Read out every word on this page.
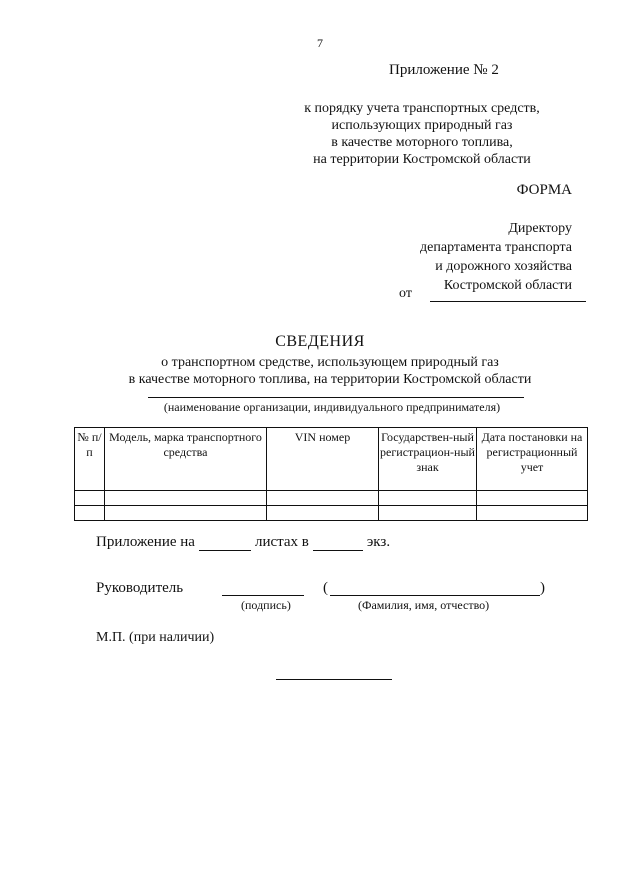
7
Приложение № 2
к порядку учета транспортных средств,
использующих природный газ
в качестве моторного топлива,
на территории Костромской области
ФОРМА
Директору
департамента транспорта
и дорожного хозяйства
Костромской области
от
СВЕДЕНИЯ
о транспортном средстве, использующем природный газ
в качестве моторного топлива, на территории Костромской области
(наименование организации, индивидуального предпринимателя)
№ п/п	Модель, марка транспортного средства	VIN номер	Государствен-ный регистрацион-ный знак	Дата постановки на регистрационный учет

Приложение на	листах в	экз.
Руководитель	(	)
(подпись)	(Фамилия, имя, отчество)
М.П. (при наличии)
